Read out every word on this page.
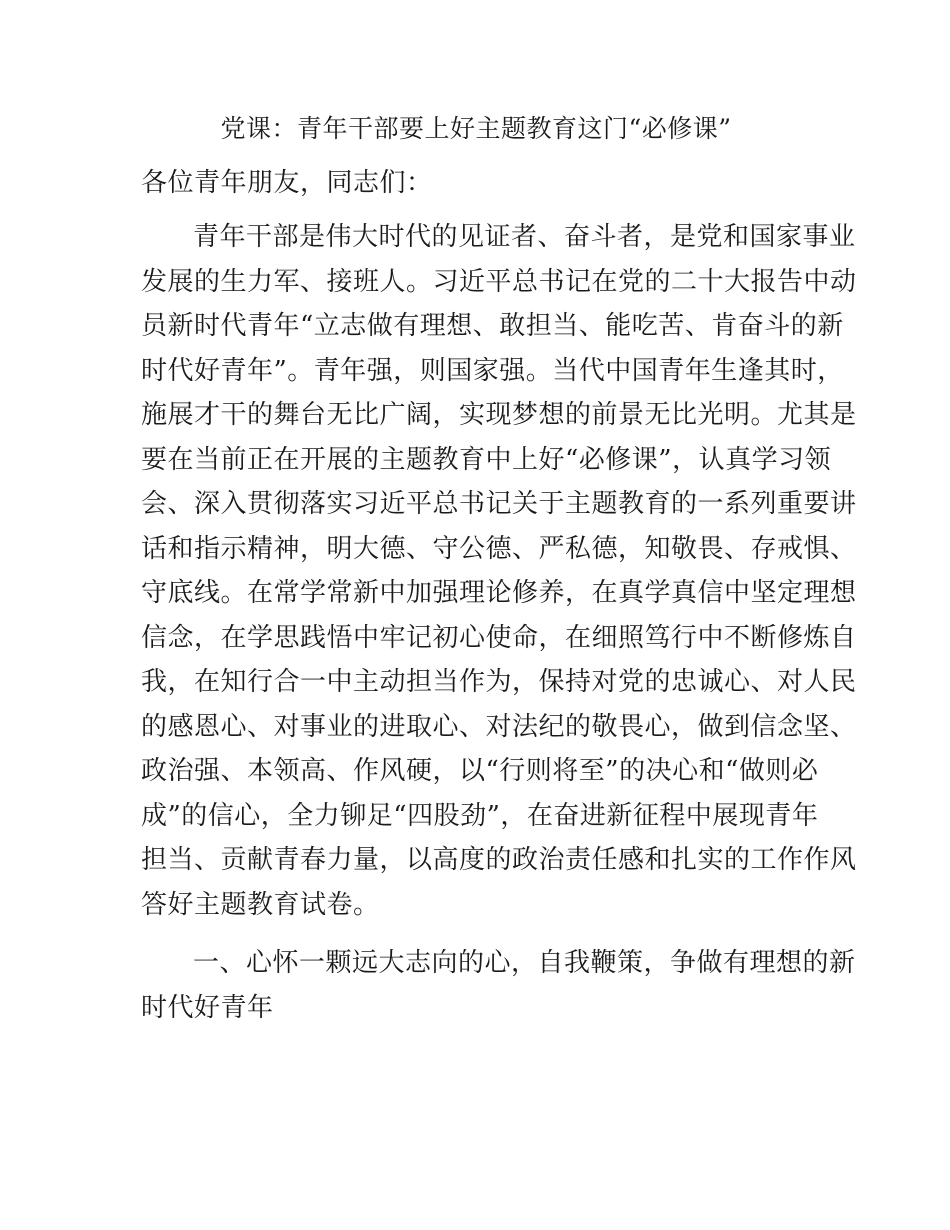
党课：青年干部要上好主题教育这门“必修课”

各位青年朋友，同志们：

青年干部是伟大时代的见证者、奋斗者，是党和国家事业
发展的生力军、接班人。习近平总书记在党的二十大报告中动
员新时代青年“立志做有理想、敢担当、能吃苦、肯奋斗的新
时代好青年”。青年强，则国家强。当代中国青年生逢其时，
施展才干的舞台无比广阔，实现梦想的前景无比光明。尤其是
要在当前正在开展的主题教育中上好“必修课”，认真学习领
会、深入贯彻落实习近平总书记关于主题教育的一系列重要讲
话和指示精神，明大德、守公德、严私德，知敬畏、存戒惧、
守底线。在常学常新中加强理论修养，在真学真信中坚定理想
信念，在学思践悟中牢记初心使命，在细照笃行中不断修炼自
我，在知行合一中主动担当作为，保持对党的忠诚心、对人民
的感恩心、对事业的进取心、对法纪的敬畏心，做到信念坚、
政治强、本领高、作风硬，以“行则将至”的决心和“做则必
成”的信心，全力铆足“四股劲”，在奋进新征程中展现青年
担当、贡献青春力量，以高度的政治责任感和扎实的工作作风
答好主题教育试卷。
一、心怀一颗远大志向的心，自我鞭策，争做有理想的新
时代好青年
